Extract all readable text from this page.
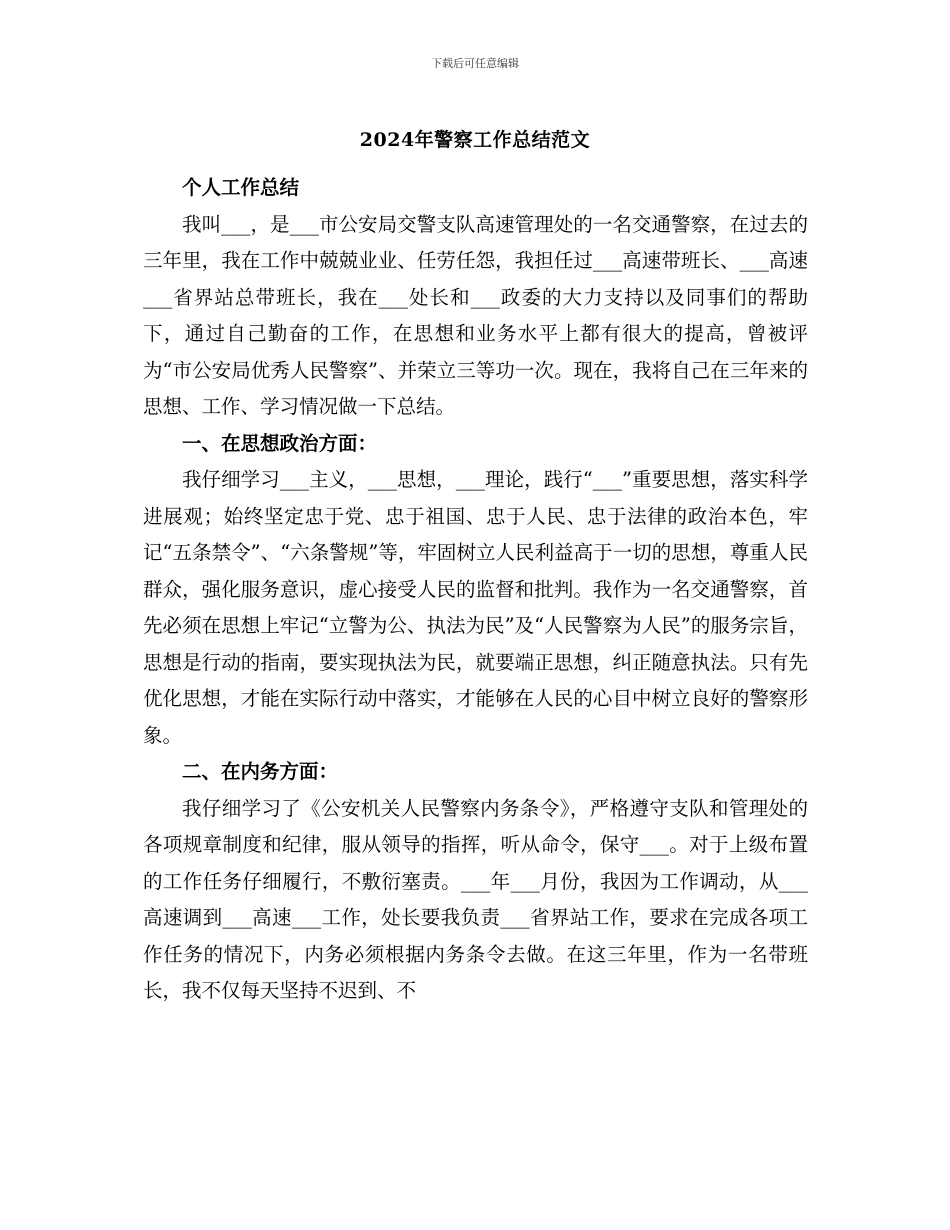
下载后可任意编辑
2024年警察工作总结范文

个人工作总结

我叫___，是___市公安局交警支队高速管理处的一名交通警察，在过去的三年里，我在工作中兢兢业业、任劳任怨，我担任过___高速带班长、___高速___省界站总带班长，我在___处长和___政委的大力支持以及同事们的帮助下，通过自己勤奋的工作，在思想和业务水平上都有很大的提高，曾被评为“市公安局优秀人民警察”、并荣立三等功一次。现在，我将自己在三年来的思想、工作、学习情况做一下总结。

一、在思想政治方面：

我仔细学习___主义，___思想，___理论，践行“___”重要思想，落实科学进展观；始终坚定忠于党、忠于祖国、忠于人民、忠于法律的政治本色，牢记“五条禁令”、“六条警规”等，牢固树立人民利益高于一切的思想，尊重人民群众，强化服务意识，虚心接受人民的监督和批判。我作为一名交通警察，首先必须在思想上牢记“立警为公、执法为民”及“人民警察为人民”的服务宗旨，思想是行动的指南，要实现执法为民，就要端正思想，纠正随意执法。只有先优化思想，才能在实际行动中落实，才能够在人民的心目中树立良好的警察形象。

二、在内务方面：

我仔细学习了《公安机关人民警察内务条令》，严格遵守支队和管理处的各项规章制度和纪律，服从领导的指挥，听从命令，保守___。对于上级布置的工作任务仔细履行，不敷衍塞责。___年___月份，我因为工作调动，从___高速调到___高速___工作，处长要我负责___省界站工作，要求在完成各项工作任务的情况下，内务必须根据内务条令去做。在这三年里，作为一名带班长，我不仅每天坚持不迟到、不
